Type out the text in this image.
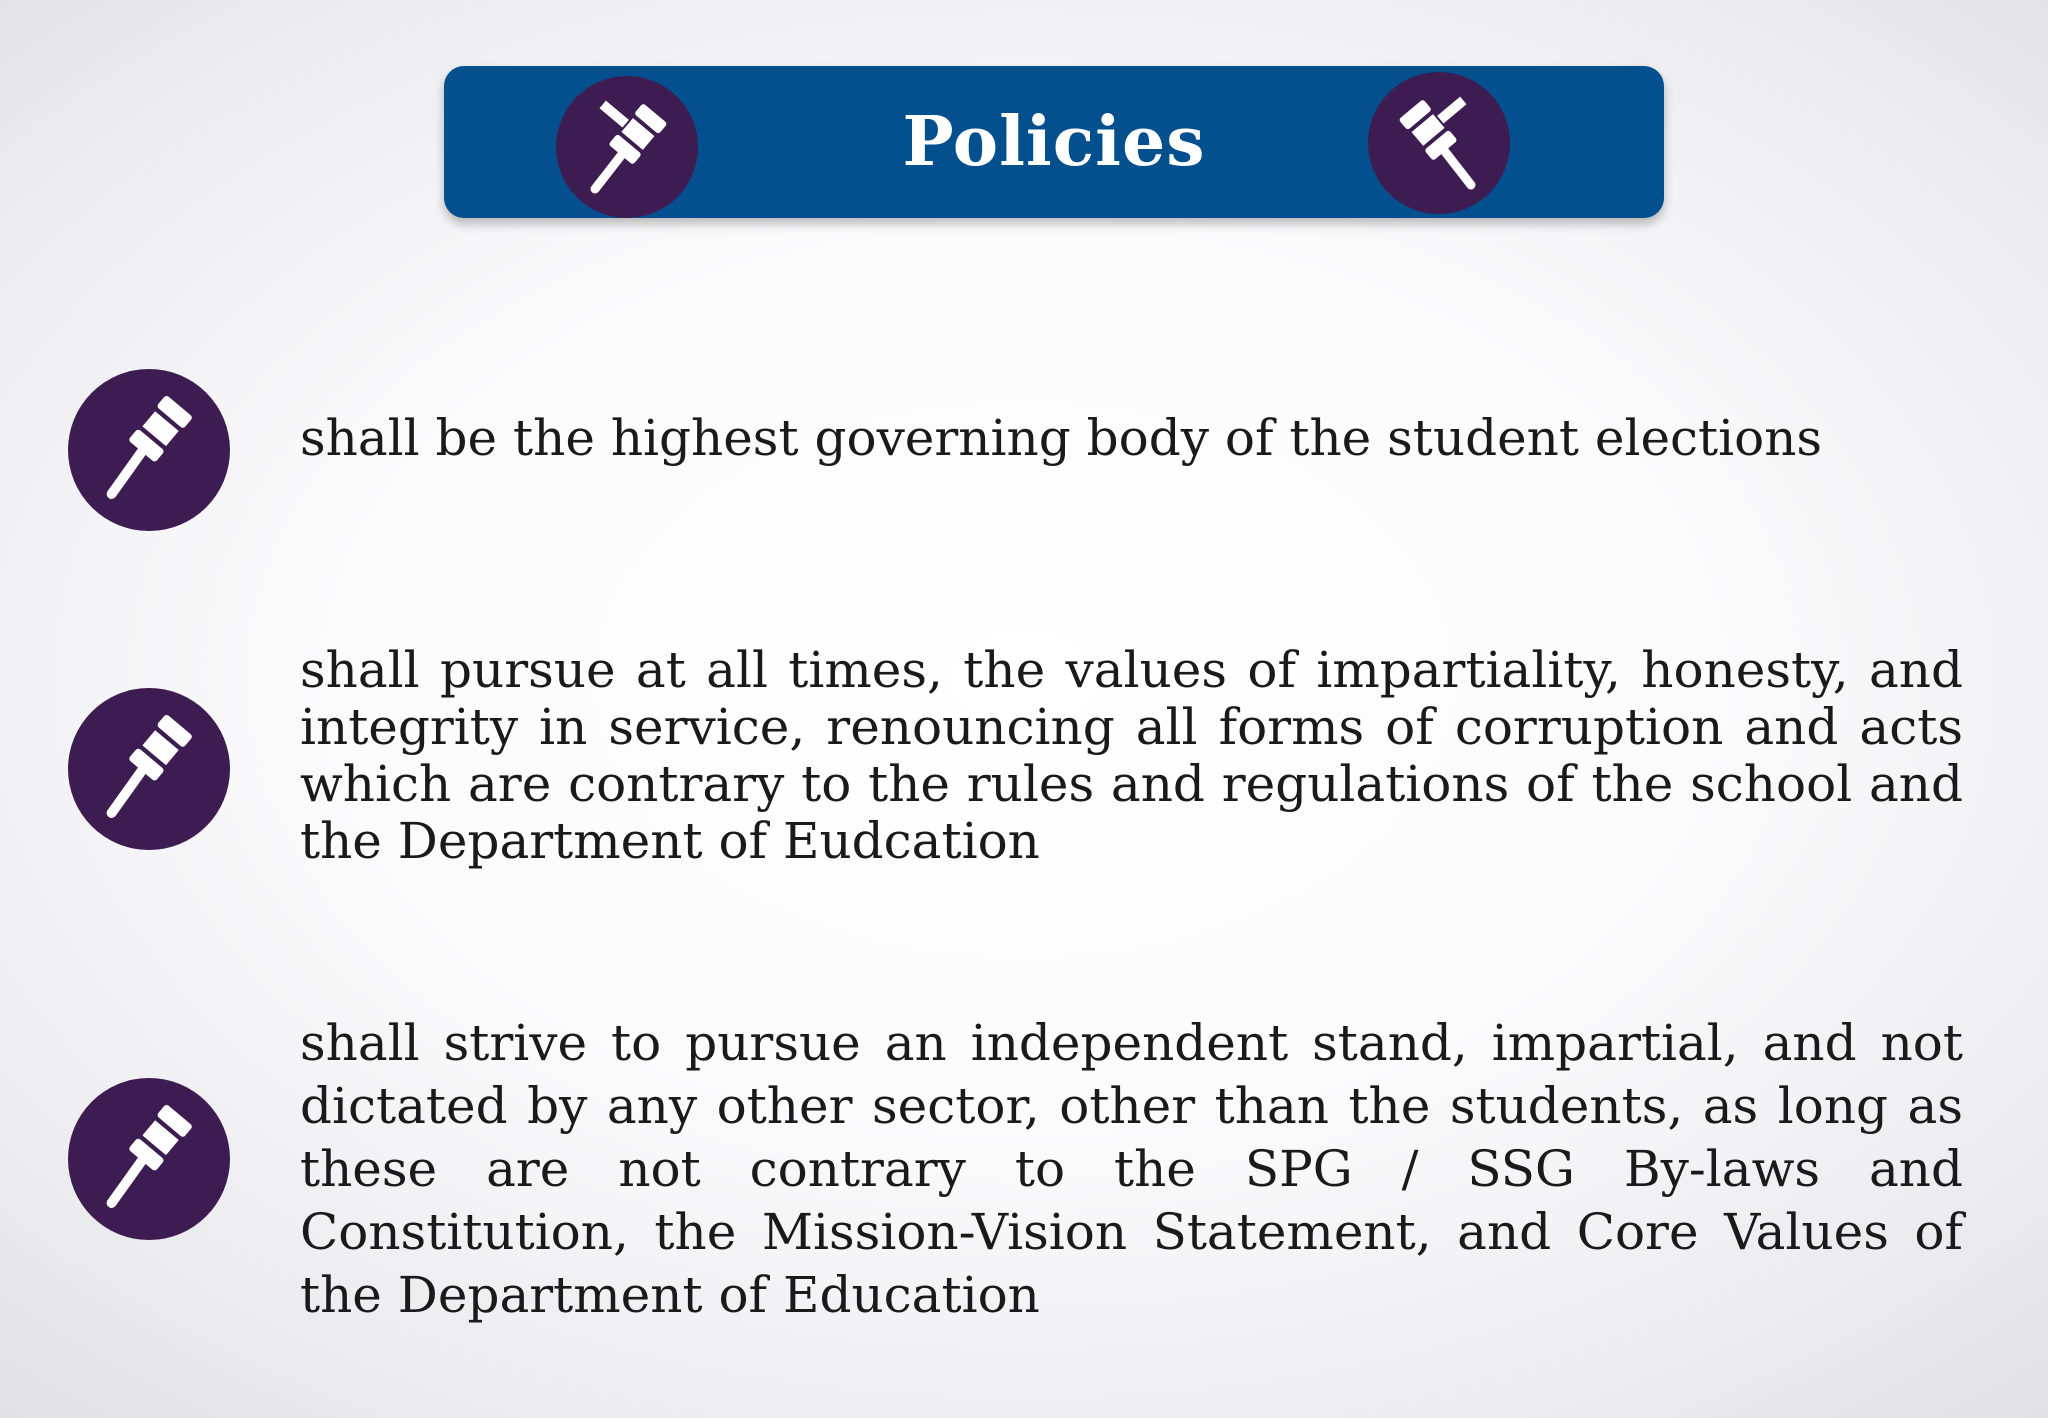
Policies

shall be the highest governing body of the student elections

shall pursue at all times, the values of impartiality, honesty, and integrity in service, renouncing all forms of corruption and acts which are contrary to the rules and regulations of the school and the Department of Eudcation

shall strive to pursue an independent stand, impartial, and not dictated by any other sector, other than the students, as long as these are not contrary to the SPG / SSG By-laws and Constitution, the Mission-Vision Statement, and Core Values of the Department of Education
